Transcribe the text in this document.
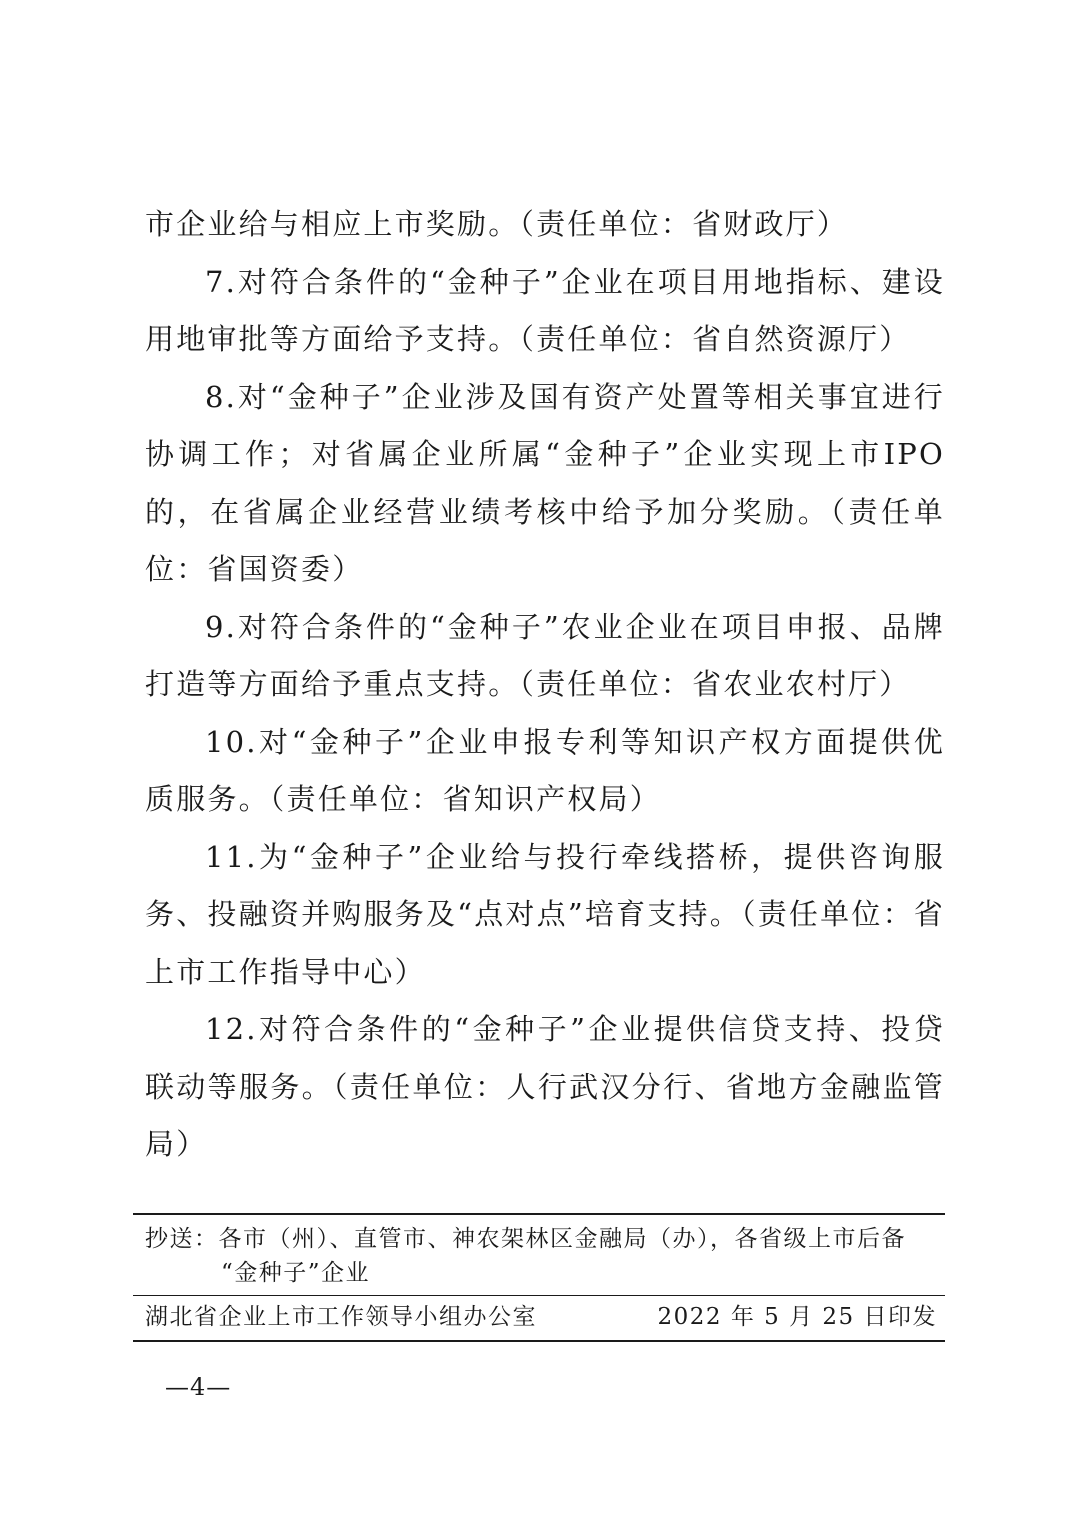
市企业给与相应上市奖励。（责任单位：省财政厅）

7.对符合条件的“金种子”企业在项目用地指标、建设用地审批等方面给予支持。（责任单位：省自然资源厅）

8.对“金种子”企业涉及国有资产处置等相关事宜进行协调工作；对省属企业所属“金种子”企业实现上市IPO的，在省属企业经营业绩考核中给予加分奖励。（责任单位：省国资委）

9.对符合条件的“金种子”农业企业在项目申报、品牌打造等方面给予重点支持。（责任单位：省农业农村厅）

10.对“金种子”企业申报专利等知识产权方面提供优质服务。（责任单位：省知识产权局）

11.为“金种子”企业给与投行牵线搭桥，提供咨询服务、投融资并购服务及“点对点”培育支持。（责任单位：省上市工作指导中心）

12.对符合条件的“金种子”企业提供信贷支持、投贷联动等服务。（责任单位：人行武汉分行、省地方金融监管局）

抄送：各市（州）、直管市、神农架林区金融局（办），各省级上市后备
“金种子”企业
湖北省企业上市工作领导小组办公室	2022 年 5 月 25 日印发
—4—
